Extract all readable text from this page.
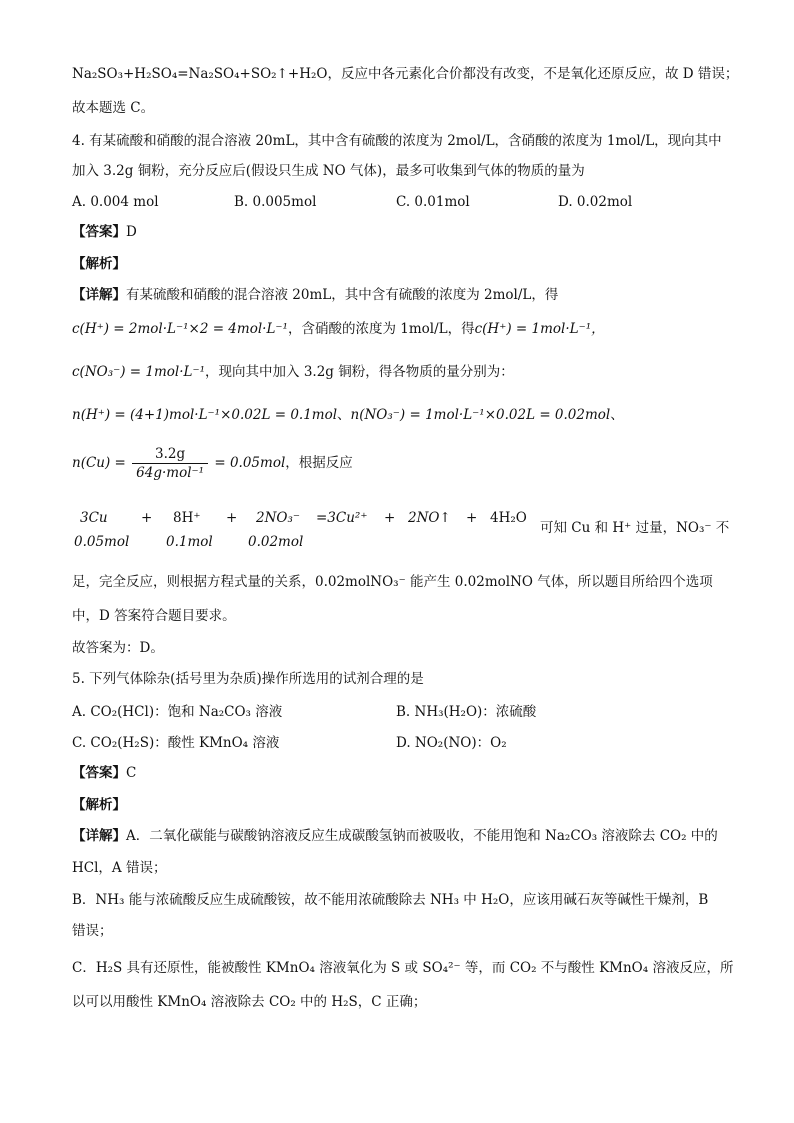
Na₂SO₃+H₂SO₄=Na₂SO₄+SO₂↑+H₂O，反应中各元素化合价都没有改变，不是氧化还原反应，故 D 错误；
故本题选 C。
4. 有某硫酸和硝酸的混合溶液 20mL，其中含有硫酸的浓度为 2mol/L，含硝酸的浓度为 1mol/L，现向其中
加入 3.2g 铜粉，充分反应后(假设只生成 NO 气体)，最多可收集到气体的物质的量为
A. 0.004 mol	B. 0.005mol	C. 0.01mol	D. 0.02mol
【答案】D
【解析】
【详解】有某硫酸和硝酸的混合溶液 20mL，其中含有硫酸的浓度为 2mol/L，得
c(H⁺) = 2mol·L⁻¹×2 = 4mol·L⁻¹，含硝酸的浓度为 1mol/L，得c(H⁺) = 1mol·L⁻¹，
c(NO₃⁻) = 1mol·L⁻¹，现向其中加入 3.2g 铜粉，得各物质的量分别为：
n(H⁺) = (4+1)mol·L⁻¹×0.02L = 0.1mol、n(NO₃⁻) = 1mol·L⁻¹×0.02L = 0.02mol、
$n(Cu) = \frac{3.2g}{\text{64g·mol⁻¹}} = 0.05mol$，根据反应
3Cu + 8H⁺ + 2NO₃⁻ =3Cu²⁺ + 2NO↑ + 4H₂O
可知 Cu 和 H⁺ 过量，NO₃⁻ 不
0.05mol	0.1mol	0.02mol
足，完全反应，则根据方程式量的关系，0.02molNO₃⁻ 能产生 0.02molNO 气体，所以题目所给四个选项
中，D 答案符合题目要求。
故答案为：D。
5. 下列气体除杂(括号里为杂质)操作所选用的试剂合理的是
A. CO₂(HCl)：饱和 Na₂CO₃ 溶液	B. NH₃(H₂O)：浓硫酸
C. CO₂(H₂S)：酸性 KMnO₄ 溶液	D. NO₂(NO)：O₂
【答案】C
【解析】
【详解】A．二氧化碳能与碳酸钠溶液反应生成碳酸氢钠而被吸收，不能用饱和 Na₂CO₃ 溶液除去 CO₂ 中的
HCl，A 错误；
B．NH₃ 能与浓硫酸反应生成硫酸铵，故不能用浓硫酸除去 NH₃ 中 H₂O，应该用碱石灰等碱性干燥剂，B
错误；
C．H₂S 具有还原性，能被酸性 KMnO₄ 溶液氧化为 S 或 SO₄²⁻ 等，而 CO₂ 不与酸性 KMnO₄ 溶液反应，所
以可以用酸性 KMnO₄ 溶液除去 CO₂ 中的 H₂S，C 正确；
